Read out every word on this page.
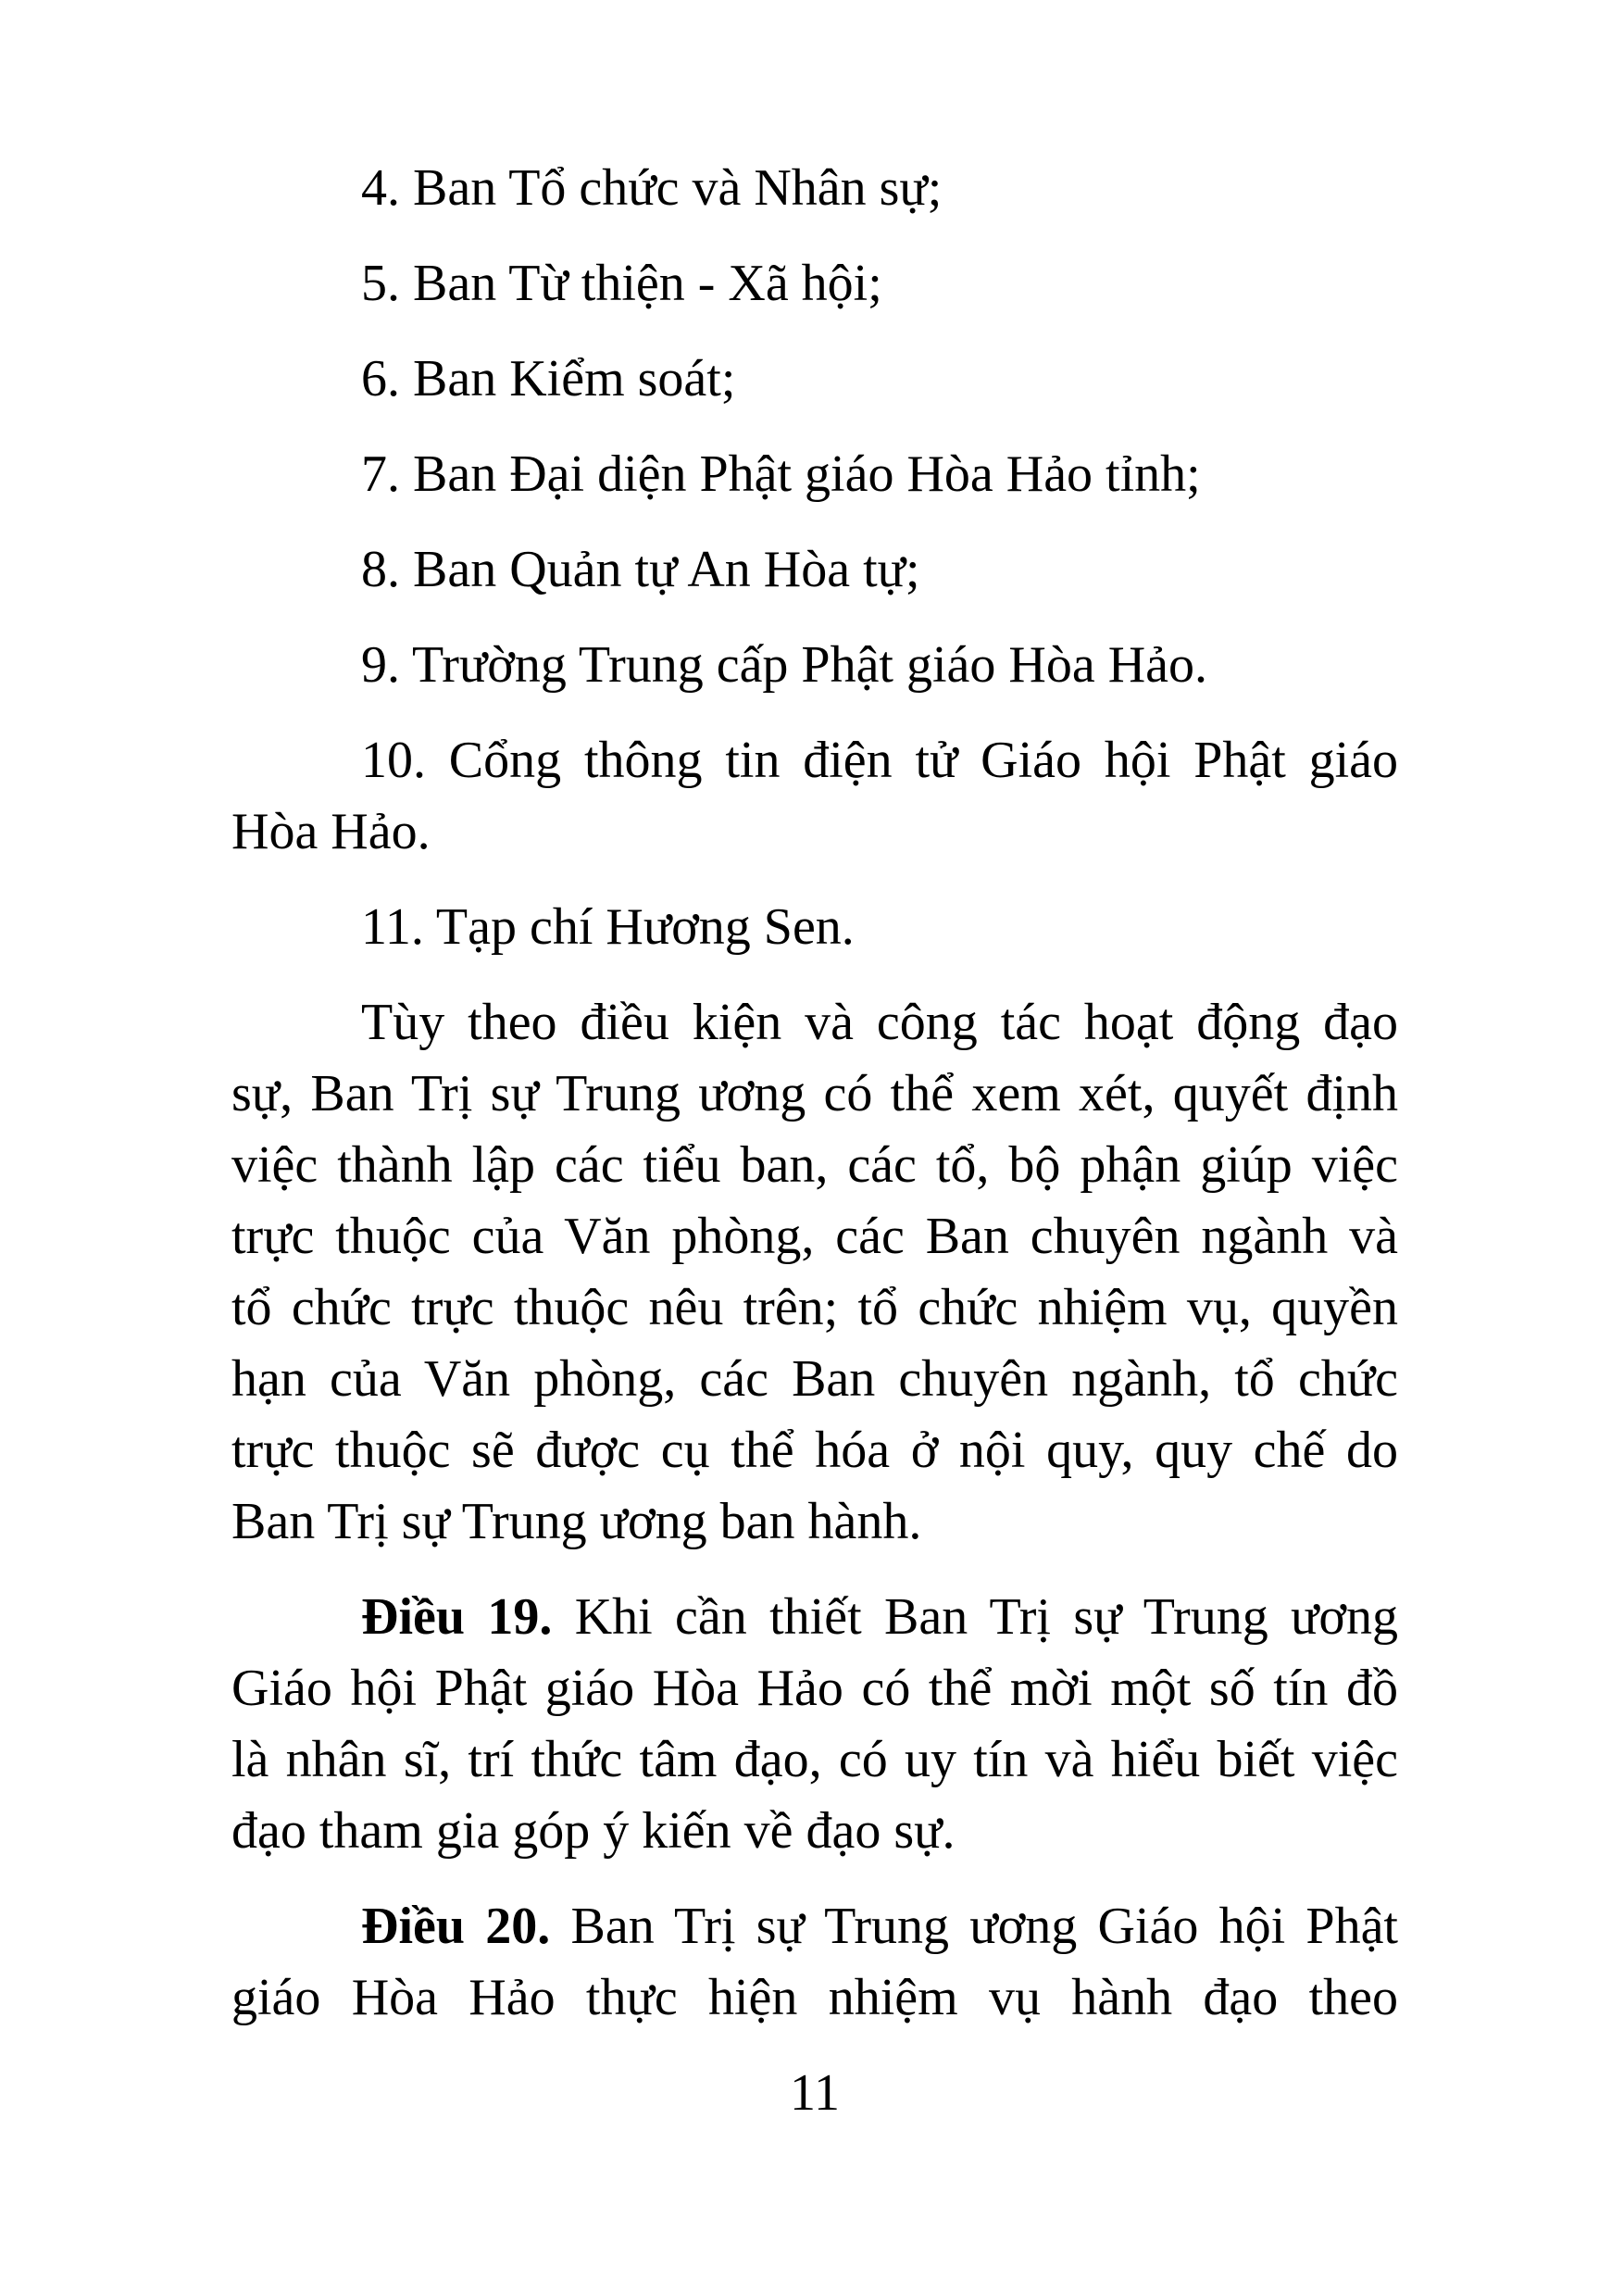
4. Ban Tổ chức và Nhân sự;
5. Ban Từ thiện - Xã hội;
6. Ban Kiểm soát;
7. Ban Đại diện Phật giáo Hòa Hảo tỉnh;
8. Ban Quản tự An Hòa tự;
9. Trường Trung cấp Phật giáo Hòa Hảo.
10. Cổng thông tin điện tử Giáo hội Phật giáo
Hòa Hảo.
11. Tạp chí Hương Sen.
Tùy theo điều kiện và công tác hoạt động đạo
sự, Ban Trị sự Trung ương có thể xem xét, quyết định
việc thành lập các tiểu ban, các tổ, bộ phận giúp việc
trực thuộc của Văn phòng, các Ban chuyên ngành và
tổ chức trực thuộc nêu trên; tổ chức nhiệm vụ, quyền
hạn của Văn phòng, các Ban chuyên ngành, tổ chức
trực thuộc sẽ được cụ thể hóa ở nội quy, quy chế do
Ban Trị sự Trung ương ban hành.
Điều 19. Khi cần thiết Ban Trị sự Trung ương
Giáo hội Phật giáo Hòa Hảo có thể mời một số tín đồ
là nhân sĩ, trí thức tâm đạo, có uy tín và hiểu biết việc
đạo tham gia góp ý kiến về đạo sự.
Điều 20. Ban Trị sự Trung ương Giáo hội Phật
giáo Hòa Hảo thực hiện nhiệm vụ hành đạo theo
11
